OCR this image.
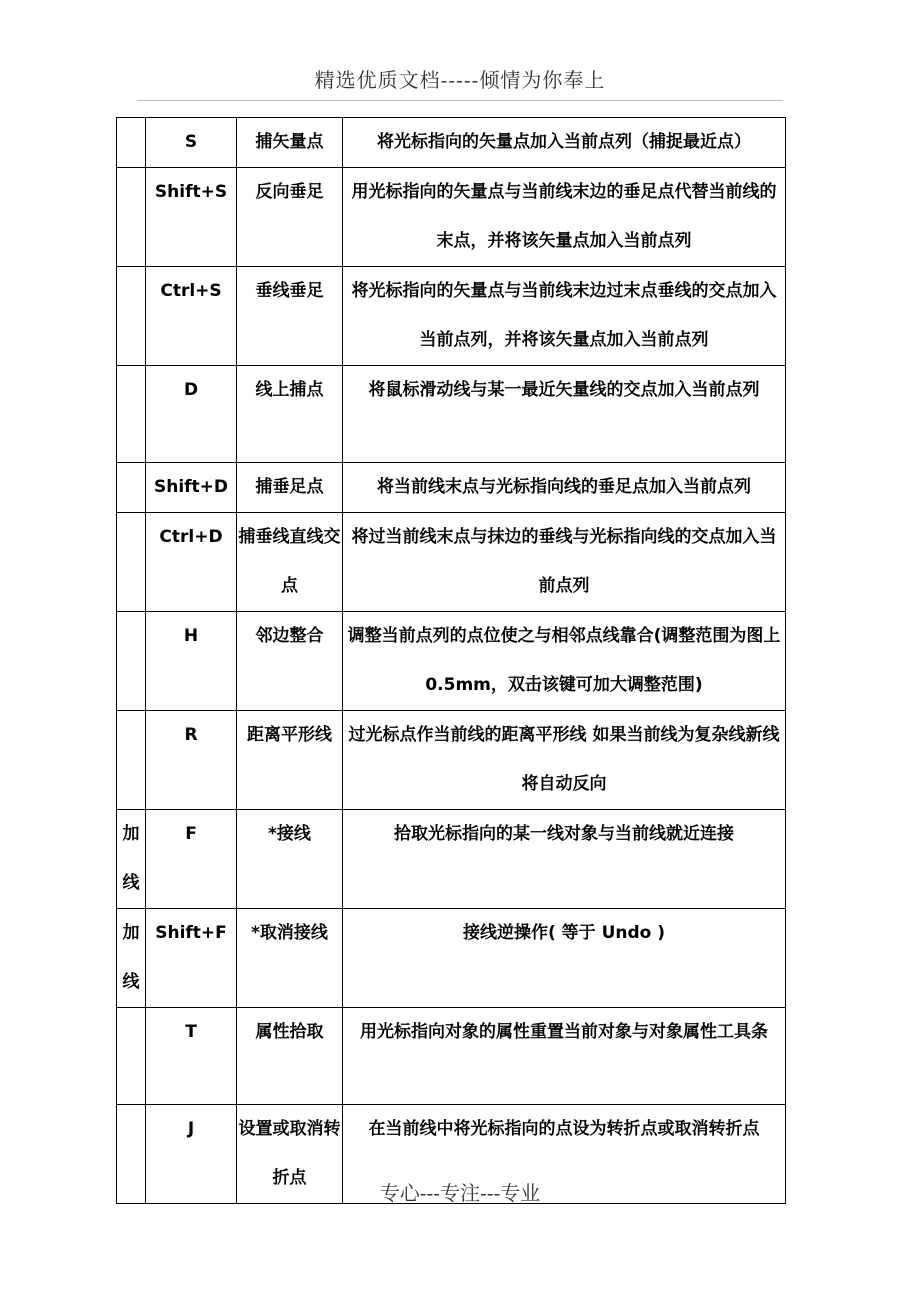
精选优质文档-----倾情为你奉上
	S	捕矢量点	将光标指向的矢量点加入当前点列（捕捉最近点）
	Shift+S	反向垂足	用光标指向的矢量点与当前线末边的垂足点代替当前线的末点，并将该矢量点加入当前点列
	Ctrl+S	垂线垂足	将光标指向的矢量点与当前线末边过末点垂线的交点加入当前点列，并将该矢量点加入当前点列
	D	线上捕点	将鼠标滑动线与某一最近矢量线的交点加入当前点列
	Shift+D	捕垂足点	将当前线末点与光标指向线的垂足点加入当前点列
	Ctrl+D	捕垂线直线交点	将过当前线末点与抹边的垂线与光标指向线的交点加入当前点列
	H	邻边整合	调整当前点列的点位使之与相邻点线靠合(调整范围为图上 0.5mm，双击该键可加大调整范围)
	R	距离平形线	过光标点作当前线的距离平形线 如果当前线为复杂线新线将自动反向
加线	F	*接线	拾取光标指向的某一线对象与当前线就近连接
加线	Shift+F	*取消接线	接线逆操作( 等于 Undo )
	T	属性拾取	用光标指向对象的属性重置当前对象与对象属性工具条
	J	设置或取消转折点	在当前线中将光标指向的点设为转折点或取消转折点
专心---专注---专业
